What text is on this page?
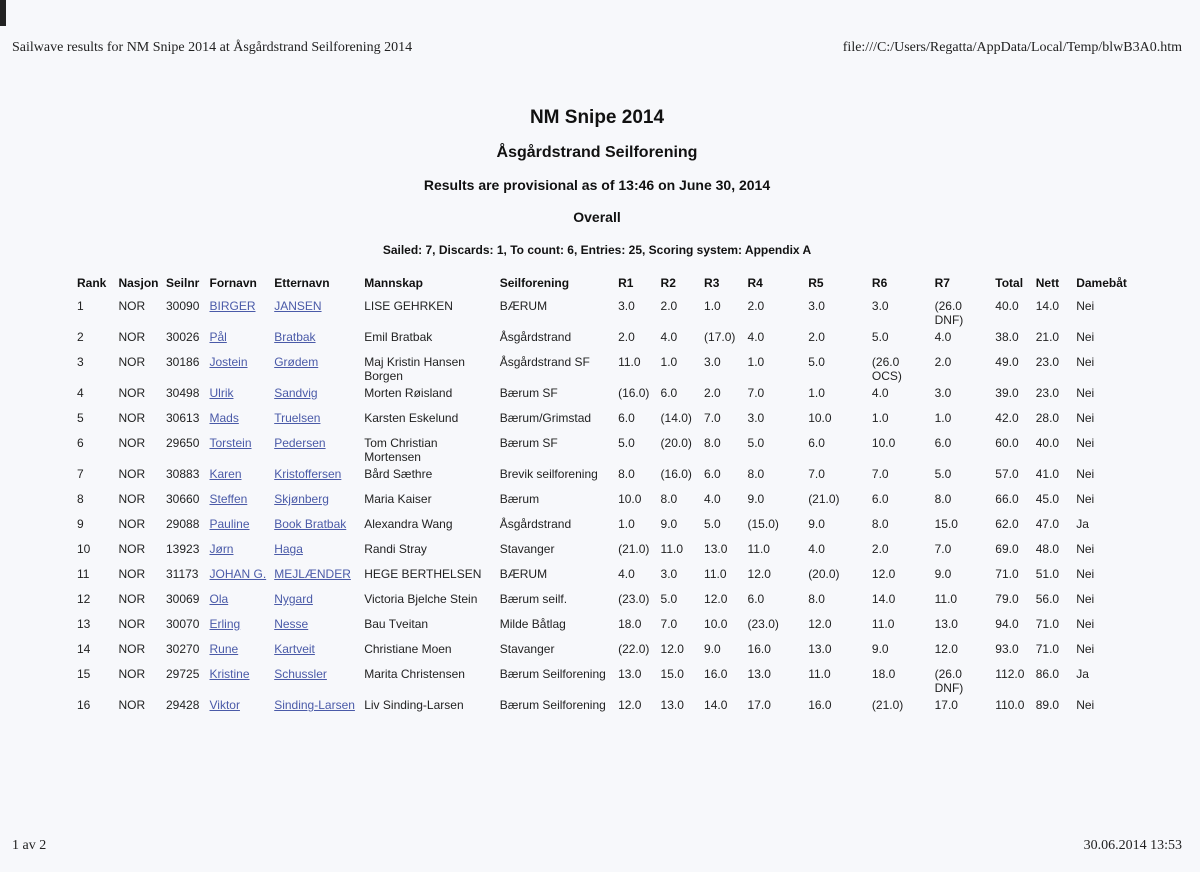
Sailwave results for NM Snipe 2014 at Åsgårdstrand Seilforening 2014	file:///C:/Users/Regatta/AppData/Local/Temp/blwB3A0.htm
NM Snipe 2014
Åsgårdstrand Seilforening
Results are provisional as of 13:46 on June 30, 2014
Overall
Sailed: 7, Discards: 1, To count: 6, Entries: 25, Scoring system: Appendix A
Rank	Nasjon	Seilnr	Fornavn	Etternavn	Mannskap	Seilforening	R1	R2	R3	R4	R5	R6	R7	Total	Nett	Damebåt
1	NOR	30090	BIRGER	JANSEN	LISE GEHRKEN	BÆRUM	3.0	2.0	1.0	2.0	3.0	3.0	(26.0 DNF)	40.0	14.0	Nei
2	NOR	30026	Pål	Bratbak	Emil Bratbak	Åsgårdstrand	2.0	4.0	(17.0)	4.0	2.0	5.0	4.0	38.0	21.0	Nei
3	NOR	30186	Jostein	Grødem	Maj Kristin Hansen Borgen	Åsgårdstrand SF	11.0	1.0	3.0	1.0	5.0	(26.0 OCS)	2.0	49.0	23.0	Nei
4	NOR	30498	Ulrik	Sandvig	Morten Røisland	Bærum SF	(16.0)	6.0	2.0	7.0	1.0	4.0	3.0	39.0	23.0	Nei
5	NOR	30613	Mads	Truelsen	Karsten Eskelund	Bærum/Grimstad	6.0	(14.0)	7.0	3.0	10.0	1.0	1.0	42.0	28.0	Nei
6	NOR	29650	Torstein	Pedersen	Tom Christian Mortensen	Bærum SF	5.0	(20.0)	8.0	5.0	6.0	10.0	6.0	60.0	40.0	Nei
7	NOR	30883	Karen	Kristoffersen	Bård Sæthre	Brevik seilforening	8.0	(16.0)	6.0	8.0	7.0	7.0	5.0	57.0	41.0	Nei
8	NOR	30660	Steffen	Skjønberg	Maria Kaiser	Bærum	10.0	8.0	4.0	9.0	(21.0)	6.0	8.0	66.0	45.0	Nei
9	NOR	29088	Pauline	Book Bratbak	Alexandra Wang	Åsgårdstrand	1.0	9.0	5.0	(15.0)	9.0	8.0	15.0	62.0	47.0	Ja
10	NOR	13923	Jørn	Haga	Randi Stray	Stavanger	(21.0)	11.0	13.0	11.0	4.0	2.0	7.0	69.0	48.0	Nei
11	NOR	31173	JOHAN G.	MEJLÆNDER	HEGE BERTHELSEN	BÆRUM	4.0	3.0	11.0	12.0	(20.0)	12.0	9.0	71.0	51.0	Nei
12	NOR	30069	Ola	Nygard	Victoria Bjelche Stein	Bærum seilf.	(23.0)	5.0	12.0	6.0	8.0	14.0	11.0	79.0	56.0	Nei
13	NOR	30070	Erling	Nesse	Bau Tveitan	Milde Båtlag	18.0	7.0	10.0	(23.0)	12.0	11.0	13.0	94.0	71.0	Nei
14	NOR	30270	Rune	Kartveit	Christiane Moen	Stavanger	(22.0)	12.0	9.0	16.0	13.0	9.0	12.0	93.0	71.0	Nei
15	NOR	29725	Kristine	Schussler	Marita Christensen	Bærum Seilforening	13.0	15.0	16.0	13.0	11.0	18.0	(26.0 DNF)	112.0	86.0	Ja
16	NOR	29428	Viktor	Sinding-Larsen	Liv Sinding-Larsen	Bærum Seilforening	12.0	13.0	14.0	17.0	16.0	(21.0)	17.0	110.0	89.0	Nei
1 av 2	30.06.2014 13:53
